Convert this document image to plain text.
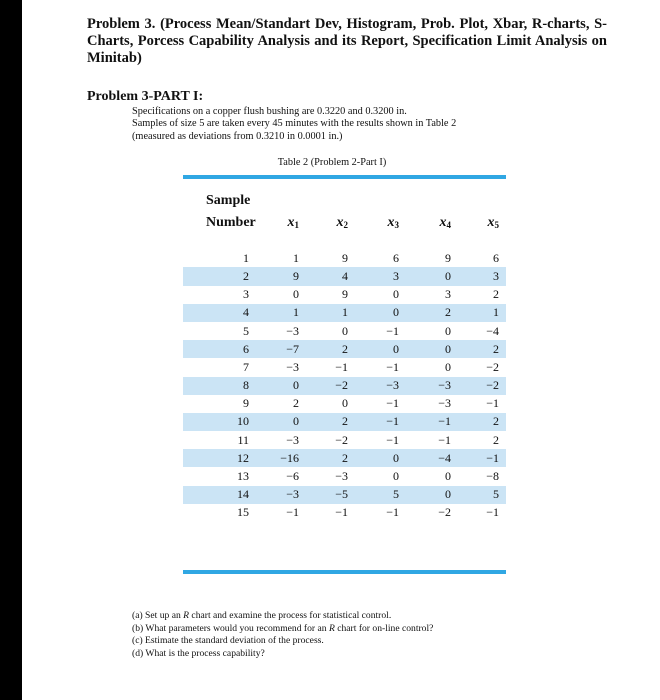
Problem 3. (Process Mean/Standart Dev, Histogram, Prob. Plot, Xbar, R-charts, S-Charts, Porcess Capability Analysis and its Report, Specification Limit Analysis on Minitab)
Problem 3-PART I:
Specifications on a copper flush bushing are 0.3220 and 0.3200 in.
Samples of size 5 are taken every 45 minutes with the results shown in Table 2
(measured as deviations from 0.3210 in 0.0001 in.)
Table 2 (Problem 2-Part I)
Sample					
Number	$x_1$	$x_2$	$x_3$	$x_4$	$x_5$

1	1	9	6	9	6
2	9	4	3	0	3
3	0	9	0	3	2
4	1	1	0	2	1
5	−3	0	−1	0	−4
6	−7	2	0	0	2
7	−3	−1	−1	0	−2
8	0	−2	−3	−3	−2
9	2	0	−1	−3	−1
10	0	2	−1	−1	2
11	−3	−2	−1	−1	2
12	−16	2	0	−4	−1
13	−6	−3	0	0	−8
14	−3	−5	5	0	5
15	−1	−1	−1	−2	−1
(a) Set up an R chart and examine the process for statistical control.
(b) What parameters would you recommend for an R chart for on-line control?
(c) Estimate the standard deviation of the process.
(d) What is the process capability?
